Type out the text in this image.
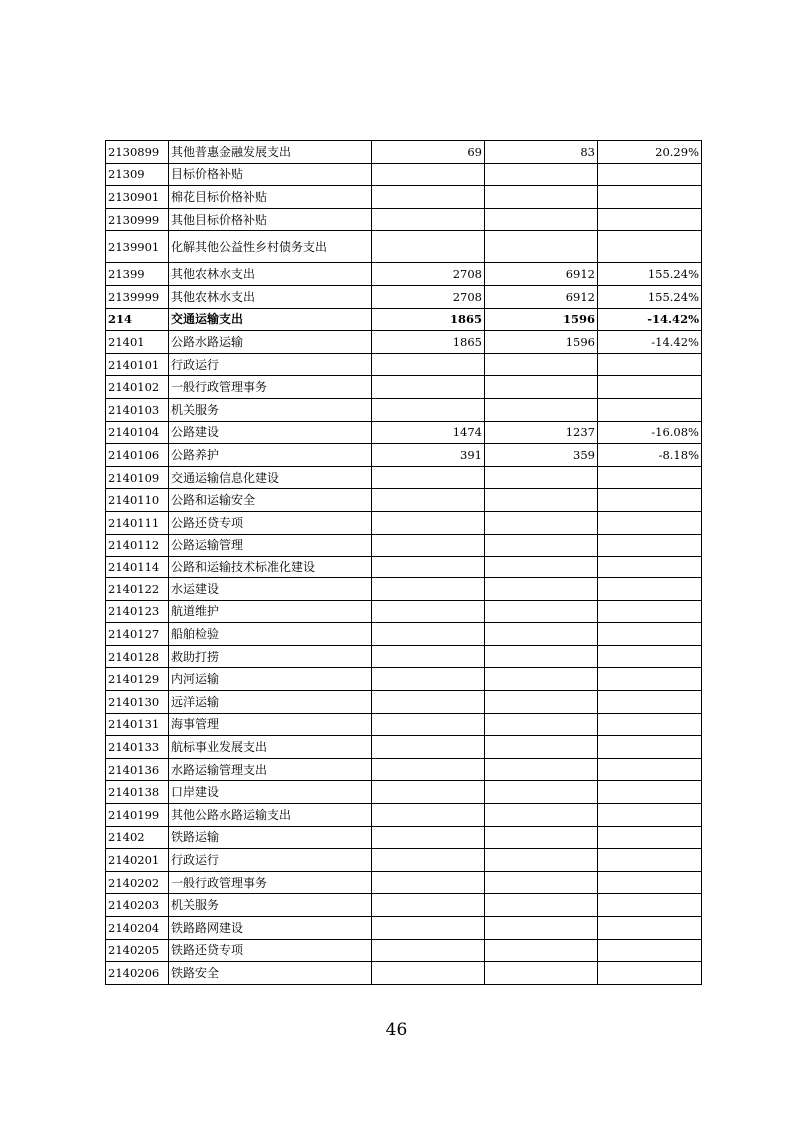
2130899	其他普惠金融发展支出	69	83	20.29%
21309	目标价格补贴			
2130901	棉花目标价格补贴			
2130999	其他目标价格补贴			
2139901	化解其他公益性乡村债务支出			
21399	其他农林水支出	2708	6912	155.24%
2139999	其他农林水支出	2708	6912	155.24%
214	交通运输支出	1865	1596	-14.42%
21401	公路水路运输	1865	1596	-14.42%
2140101	行政运行			
2140102	一般行政管理事务			
2140103	机关服务			
2140104	公路建设	1474	1237	-16.08%
2140106	公路养护	391	359	-8.18%
2140109	交通运输信息化建设			
2140110	公路和运输安全			
2140111	公路还贷专项			
2140112	公路运输管理			
2140114	公路和运输技术标准化建设			
2140122	水运建设			
2140123	航道维护			
2140127	船舶检验			
2140128	救助打捞			
2140129	内河运输			
2140130	远洋运输			
2140131	海事管理			
2140133	航标事业发展支出			
2140136	水路运输管理支出			
2140138	口岸建设			
2140199	其他公路水路运输支出			
21402	铁路运输			
2140201	行政运行			
2140202	一般行政管理事务			
2140203	机关服务			
2140204	铁路路网建设			
2140205	铁路还贷专项			
2140206	铁路安全			
46
